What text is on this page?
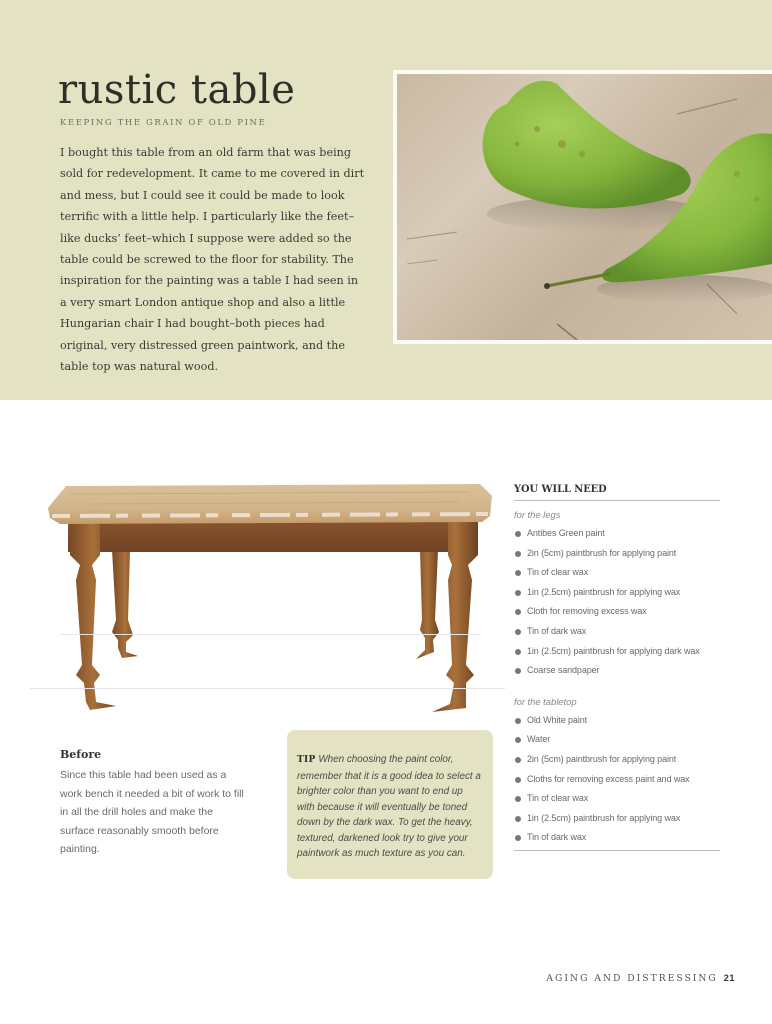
rustic table
KEEPING THE GRAIN OF OLD PINE

I bought this table from an old farm that was being sold for redevelopment. It came to me covered in dirt and mess, but I could see it could be made to look terrific with a little help. I particularly like the feet–like ducks’ feet–which I suppose were added so the table could be screwed to the floor for stability. The inspiration for the painting was a table I had seen in a very smart London antique shop and also a little Hungarian chair I had bought–both pieces had original, very distressed green paintwork, and the table top was natural wood.

Before

Since this table had been used as a work bench it needed a bit of work to fill in all the drill holes and make the surface reasonably smooth before painting.

TIP When choosing the paint color, remember that it is a good idea to select a brighter color than you want to end up with because it will eventually be toned down by the dark wax. To get the heavy, textured, darkened look try to give your paintwork as much texture as you can.
YOU WILL NEED
for the legs
Antibes Green paint
2in (5cm) paintbrush for applying paint
Tin of clear wax
1in (2.5cm) paintbrush for applying wax
Cloth for removing excess wax
Tin of dark wax
1in (2.5cm) paintbrush for applying dark wax
Coarse sandpaper
for the tabletop
Old White paint
Water
2in (5cm) paintbrush for applying paint
Cloths for removing excess paint and wax
Tin of clear wax
1in (2.5cm) paintbrush for applying wax
Tin of dark wax
AGING AND DISTRESSING 21
